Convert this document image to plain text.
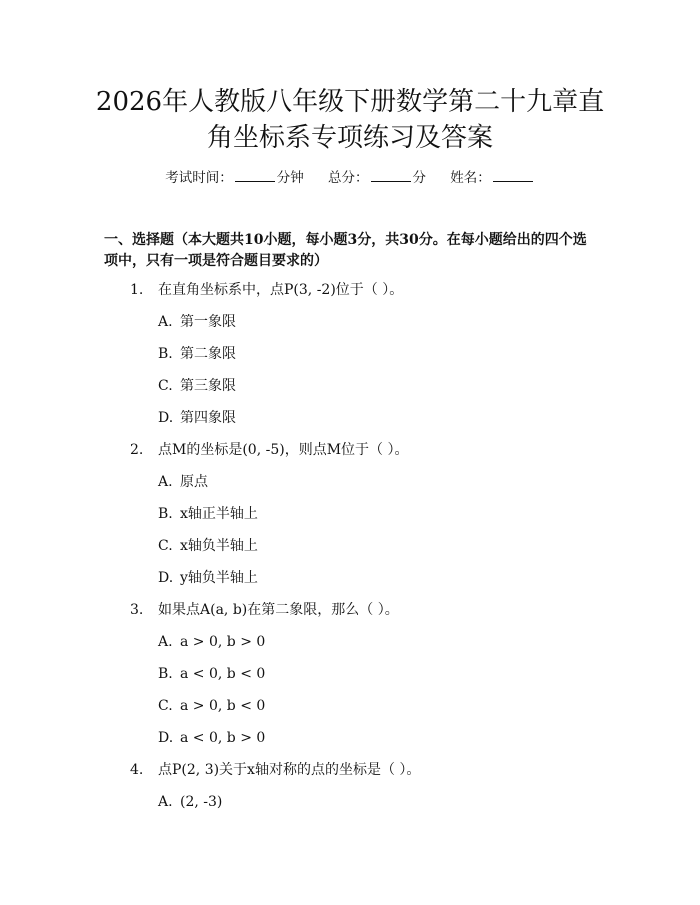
2026年人教版八年级下册数学第二十九章直
角坐标系专项练习及答案
考试时间：	分钟 总分：	分 姓名：

一、选择题（本大题共10小题，每小题3分，共30分。在每小题给出的四个选

项中，只有一项是符合题目要求的）

1. 在直角坐标系中，点P(3, -2)位于（ ）。
A. 第一象限
B. 第二象限
C. 第三象限
D. 第四象限
2. 点M的坐标是(0, -5)，则点M位于（ ）。
A. 原点
B. x轴正半轴上
C. x轴负半轴上
D. y轴负半轴上
3. 如果点A(a, b)在第二象限，那么（ ）。
A. a > 0, b > 0
B. a < 0, b < 0
C. a > 0, b < 0
D. a < 0, b > 0
4. 点P(2, 3)关于x轴对称的点的坐标是（ ）。
A. (2, -3)
